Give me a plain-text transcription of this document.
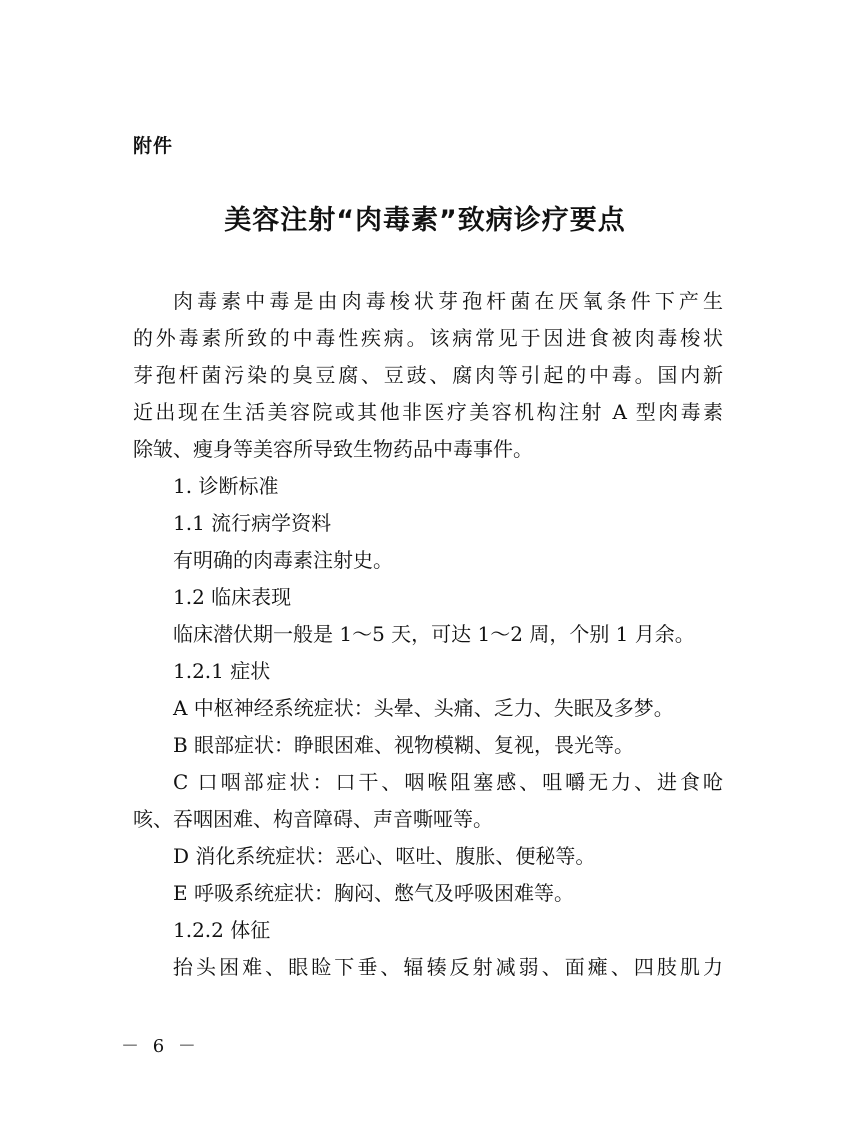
附件
美容注射“肉毒素”致病诊疗要点
肉毒素中毒是由肉毒梭状芽孢杆菌在厌氧条件下产生
的外毒素所致的中毒性疾病。该病常见于因进食被肉毒梭状
芽孢杆菌污染的臭豆腐、豆豉、腐肉等引起的中毒。国内新
近出现在生活美容院或其他非医疗美容机构注射 A 型肉毒素
除皱、瘦身等美容所导致生物药品中毒事件。
1. 诊断标准
1.1 流行病学资料
有明确的肉毒素注射史。
1.2 临床表现
临床潜伏期一般是 1～5 天，可达 1～2 周，个别 1 月余。
1.2.1 症状
A 中枢神经系统症状：头晕、头痛、乏力、失眠及多梦。
B 眼部症状：睁眼困难、视物模糊、复视，畏光等。
C 口咽部症状：口干、咽喉阻塞感、咀嚼无力、进食呛
咳、吞咽困难、构音障碍、声音嘶哑等。
D 消化系统症状：恶心、呕吐、腹胀、便秘等。
E 呼吸系统症状：胸闷、憋气及呼吸困难等。
1.2.2 体征
抬头困难、眼睑下垂、辐辏反射减弱、面瘫、四肢肌力
－ 6 －
